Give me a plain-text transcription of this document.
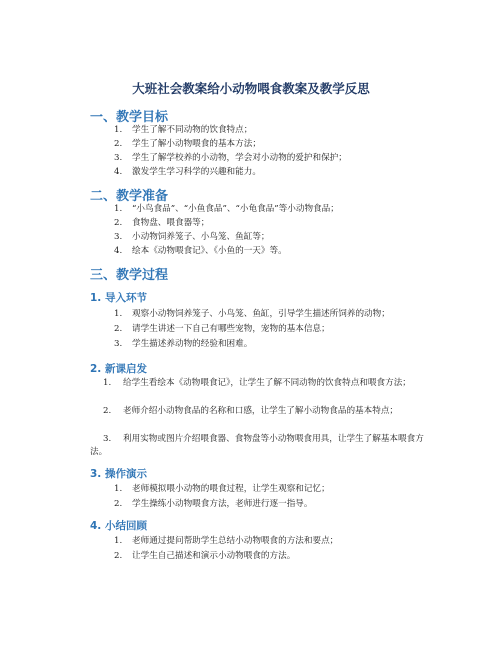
大班社会教案给小动物喂食教案及教学反思
一、教学目标
1. 学生了解不同动物的饮食特点；
2. 学生了解小动物喂食的基本方法；
3. 学生了解学校养的小动物，学会对小动物的爱护和保护；
4. 激发学生学习科学的兴趣和能力。
二、教学准备
1. “小鸟食品”、“小鱼食品”、“小龟食品”等小动物食品；
2. 食物盘、喂食器等；
3. 小动物饲养笼子、小鸟笼、鱼缸等；
4. 绘本《动物喂食记》、《小鱼的一天》等。
三、教学过程
1. 导入环节
1. 观察小动物饲养笼子、小鸟笼、鱼缸，引导学生描述所饲养的动物；
2. 请学生讲述一下自己有哪些宠物，宠物的基本信息；
3. 学生描述养动物的经验和困难。
2. 新课启发
1. 给学生看绘本《动物喂食记》，让学生了解不同动物的饮食特点和喂食方法；
2. 老师介绍小动物食品的名称和口感，让学生了解小动物食品的基本特点；
3. 利用实物或图片介绍喂食器、食物盘等小动物喂食用具，让学生了解基本喂食方法。
3. 操作演示
1. 老师模拟喂小动物的喂食过程，让学生观察和记忆；
2. 学生操练小动物喂食方法，老师进行逐一指导。
4. 小结回顾
1. 老师通过提问帮助学生总结小动物喂食的方法和要点；
2. 让学生自己描述和演示小动物喂食的方法。
